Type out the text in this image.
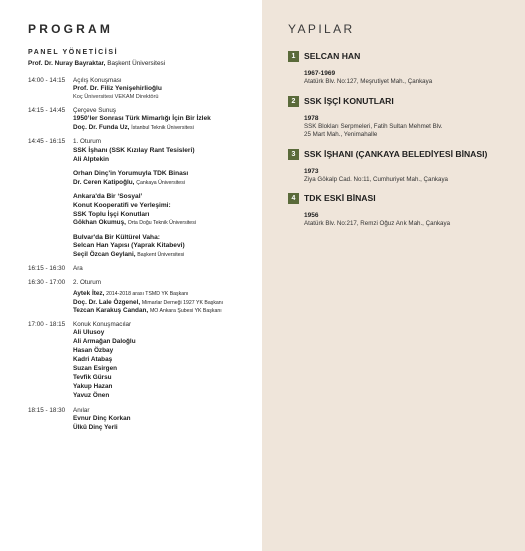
PROGRAM
PANEL YÖNETİCİSİ
Prof. Dr. Nuray Bayraktar, Başkent Üniversitesi
14:00 - 14:15	Açılış Konuşması
Prof. Dr. Filiz Yenişehirlioğlu
Koç Üniversitesi VEKAM Direktörü
14:15 - 14:45	Çerçeve Sunuş
1950’ler Sonrası Türk Mimarlığı İçin Bir İzlek
Doç. Dr. Funda Uz, İstanbul Teknik Üniversitesi
14:45 - 16:15	1. Oturum
SSK İşhanı (SSK Kızılay Rant Tesisleri)
Ali Alptekin
Orhan Dinç'in Yorumuyla TDK Binası
Dr. Ceren Katipoğlu, Çankaya Üniversitesi
Ankara'da Bir ‘Sosyal’
Konut Kooperatifi ve Yerleşimi:
SSK Toplu İşçi Konutları
Gökhan Okumuş, Orta Doğu Teknik Üniversitesi
Bulvar'da Bir Kültürel Vaha:
Selcan Han Yapısı (Yaprak Kitabevi)
Seçil Özcan Geylani, Başkent Üniversitesi
16:15 - 16:30	Ara
16:30 - 17:00	2. Oturum
Aytek İtez, 2014-2018 arası TSMD YK Başkanı
Doç. Dr. Lale Özgenel, Mimarlar Derneği 1927 YK Başkanı
Tezcan Karakuş Candan, MO Ankara Şubesi YK Başkanı
17:00 - 18:15	Konuk Konuşmacılar
Ali Ulusoy
Ali Armağan Daloğlu
Hasan Özbay
Kadri Atabaş
Suzan Esirgen
Tevfik Gürsu
Yakup Hazan
Yavuz Önen
18:15 - 18:30	Anılar
Evnur Dinç Korkan
Ülkü Dinç Yerli
YAPILAR
1 $^{SELCAN HAN}$
1967-1969
Atatürk Blv. No:127, Meşrutiyet Mah., Çankaya
2 $^{SSK İŞÇİ KONUTLARI}$
1978
SSK Blokları Serpmeleri, Fatih Sultan Mehmet Blv.
25 Mart Mah., Yenimahalle
3 $^{SSK İŞHANI (ÇANKAYA BELEDİYESİ BİNASI)}$
1973
Ziya Gökalp Cad. No:11, Cumhuriyet Mah., Çankaya
4 $^{TDK ESKİ BİNASI}$
1956
Atatürk Blv. No:217, Remzi Oğuz Arık Mah., Çankaya
